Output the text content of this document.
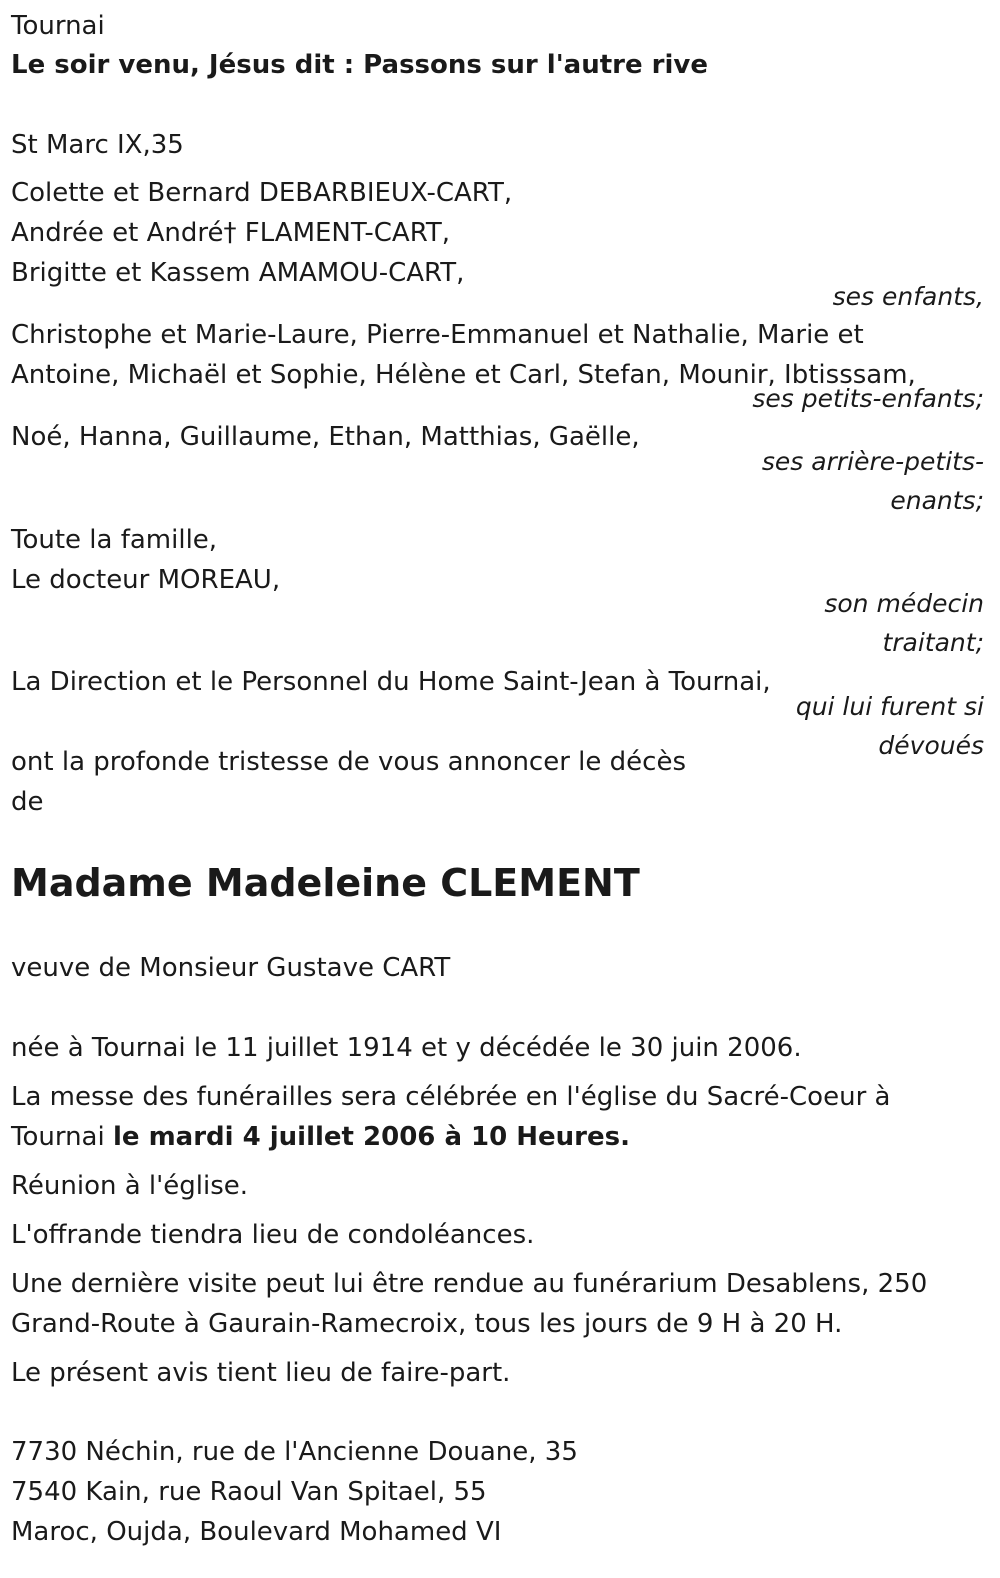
Tournai
Le soir venu, Jésus dit : Passons sur l'autre rive
St Marc IX,35
Colette et Bernard DEBARBIEUX-CART,
Andrée et André† FLAMENT-CART,
Brigitte et Kassem AMAMOU-CART,
ses enfants,
Christophe et Marie-Laure, Pierre-Emmanuel et Nathalie, Marie et
Antoine, Michaël et Sophie, Hélène et Carl, Stefan, Mounir, Ibtisssam,
ses petits-enfants;
Noé, Hanna, Guillaume, Ethan, Matthias, Gaëlle,
ses arrière-petits-
enants;
Toute la famille,
Le docteur MOREAU,
son médecin
traitant;
La Direction et le Personnel du Home Saint-Jean à Tournai,
qui lui furent si
dévoués
ont la profonde tristesse de vous annoncer le décès
de
Madame Madeleine CLEMENT
veuve de Monsieur Gustave CART
née à Tournai le 11 juillet 1914 et y décédée le 30 juin 2006.
La messe des funérailles sera célébrée en l'église du Sacré-Coeur à
Tournai le mardi 4 juillet 2006 à 10 Heures.
Réunion à l'église.
L'offrande tiendra lieu de condoléances.
Une dernière visite peut lui être rendue au funérarium Desablens, 250
Grand-Route à Gaurain-Ramecroix, tous les jours de 9 H à 20 H.
Le présent avis tient lieu de faire-part.
7730 Néchin, rue de l'Ancienne Douane, 35
7540 Kain, rue Raoul Van Spitael, 55
Maroc, Oujda, Boulevard Mohamed VI
